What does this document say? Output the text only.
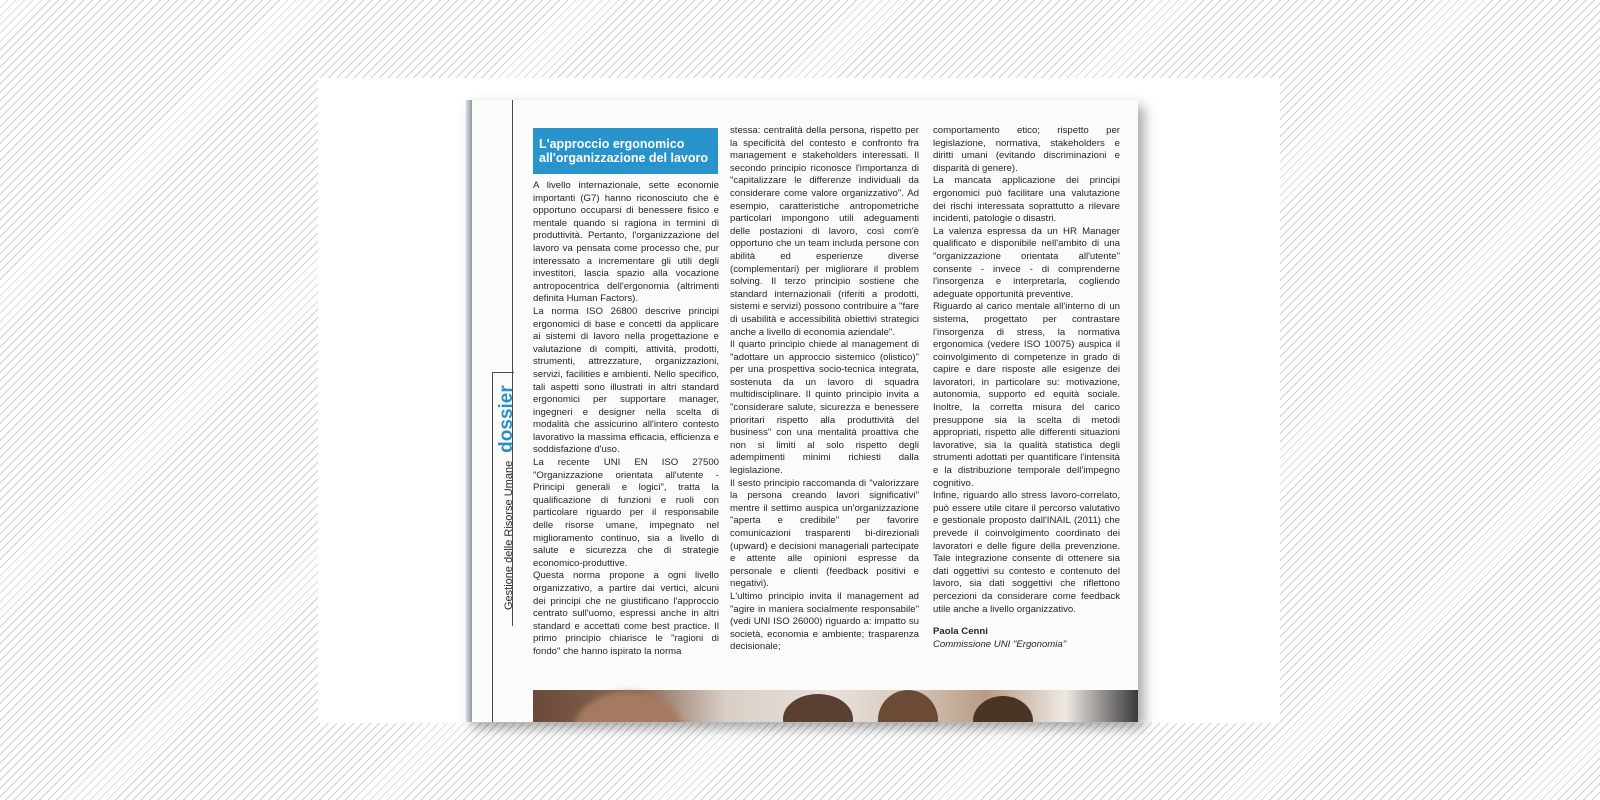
Gestione delle Risorse Umane
dossier
L'approccio ergonomico all'organizzazione del lavoro

A livello internazionale, sette economie importanti (G7) hanno riconosciuto che è opportuno occuparsi di benessere fisico e mentale quando si ragiona in termini di produttività. Pertanto, l'organizzazione del lavoro va pensata come processo che, pur interessato a incrementare gli utili degli investitori, lascia spazio alla vocazione antropocentrica dell'ergonomia (altrimenti definita Human Factors).

La norma ISO 26800 descrive principi ergonomici di base e concetti da applicare ai sistemi di lavoro nella progettazione e valutazione di compiti, attività, prodotti, strumenti, attrezzature, organizzazioni, servizi, facilities e ambienti. Nello specifico, tali aspetti sono illustrati in altri standard ergonomici per supportare manager, ingegneri e designer nella scelta di modalità che assicurino all'intero contesto lavorativo la massima efficacia, efficienza e soddisfazione d'uso.

La recente UNI EN ISO 27500 "Organizzazione orientata all'utente - Principi generali e logici", tratta la qualificazione di funzioni e ruoli con particolare riguardo per il responsabile delle risorse umane, impegnato nel miglioramento continuo, sia a livello di salute e sicurezza che di strategie economico-produttive.

Questa norma propone a ogni livello organizzativo, a partire dai vertici, alcuni dei principi che ne giustificano l'approccio centrato sull'uomo, espressi anche in altri standard e accettati come best practice. Il primo principio chiarisce le "ragioni di fondo" che hanno ispirato la norma

stessa: centralità della persona, rispetto per la specificità del contesto e confronto fra management e stakeholders interessati. Il secondo principio riconosce l'importanza di "capitalizzare le differenze individuali da considerare come valore organizzativo". Ad esempio, caratteristiche antropometriche particolari impongono utili adeguamenti delle postazioni di lavoro, così com'è opportuno che un team includa persone con abilità ed esperienze diverse (complementari) per migliorare il problem solving. Il terzo principio sostiene che standard internazionali (riferiti a prodotti, sistemi e servizi) possono contribuire a "fare di usabilità e accessibilità obiettivi strategici anche a livello di economia aziendale".

Il quarto principio chiede al management di "adottare un approccio sistemico (olistico)" per una prospettiva socio-tecnica integrata, sostenuta da un lavoro di squadra multidisciplinare. Il quinto principio invita a "considerare salute, sicurezza e benessere prioritari rispetto alla produttività del business" con una mentalità proattiva che non si limiti al solo rispetto degli adempimenti minimi richiesti dalla legislazione.

Il sesto principio raccomanda di "valorizzare la persona creando lavori significativi" mentre il settimo auspica un'organizzazione "aperta e credibile" per favorire comunicazioni trasparenti bi-direzionali (upward) e decisioni manageriali partecipate e attente alle opinioni espresse da personale e clienti (feedback positivi e negativi).

L'ultimo principio invita il management ad "agire in maniera socialmente responsabile" (vedi UNI ISO 26000) riguardo a: impatto su società, economia e ambiente; trasparenza decisionale;

comportamento etico; rispetto per legislazione, normativa, stakeholders e diritti umani (evitando discriminazioni e disparità di genere).

La mancata applicazione dei principi ergonomici può facilitare una valutazione dei rischi interessata soprattutto a rilevare incidenti, patologie o disastri.

La valenza espressa da un HR Manager qualificato e disponibile nell'ambito di una "organizzazione orientata all'utente" consente - invece - di comprenderne l'insorgenza e interpretarla, cogliendo adeguate opportunità preventive.

Riguardo al carico mentale all'interno di un sistema, progettato per contrastare l'insorgenza di stress, la normativa ergonomica (vedere ISO 10075) auspica il coinvolgimento di competenze in grado di capire e dare risposte alle esigenze dei lavoratori, in particolare su: motivazione, autonomia, supporto ed equità sociale. Inoltre, la corretta misura del carico presuppone sia la scelta di metodi appropriati, rispetto alle differenti situazioni lavorative, sia la qualità statistica degli strumenti adottati per quantificare l'intensità e la distribuzione temporale dell'impegno cognitivo.

Infine, riguardo allo stress lavoro-correlato, può essere utile citare il percorso valutativo e gestionale proposto dall'INAIL (2011) che prevede il coinvolgimento coordinato dei lavoratori e delle figure della prevenzione. Tale integrazione consente di ottenere sia dati oggettivi su contesto e contenuto del lavoro, sia dati soggettivi che riflettono percezioni da considerare come feedback utile anche a livello organizzativo.

Paola Cenni
Commissione UNI "Ergonomia"
